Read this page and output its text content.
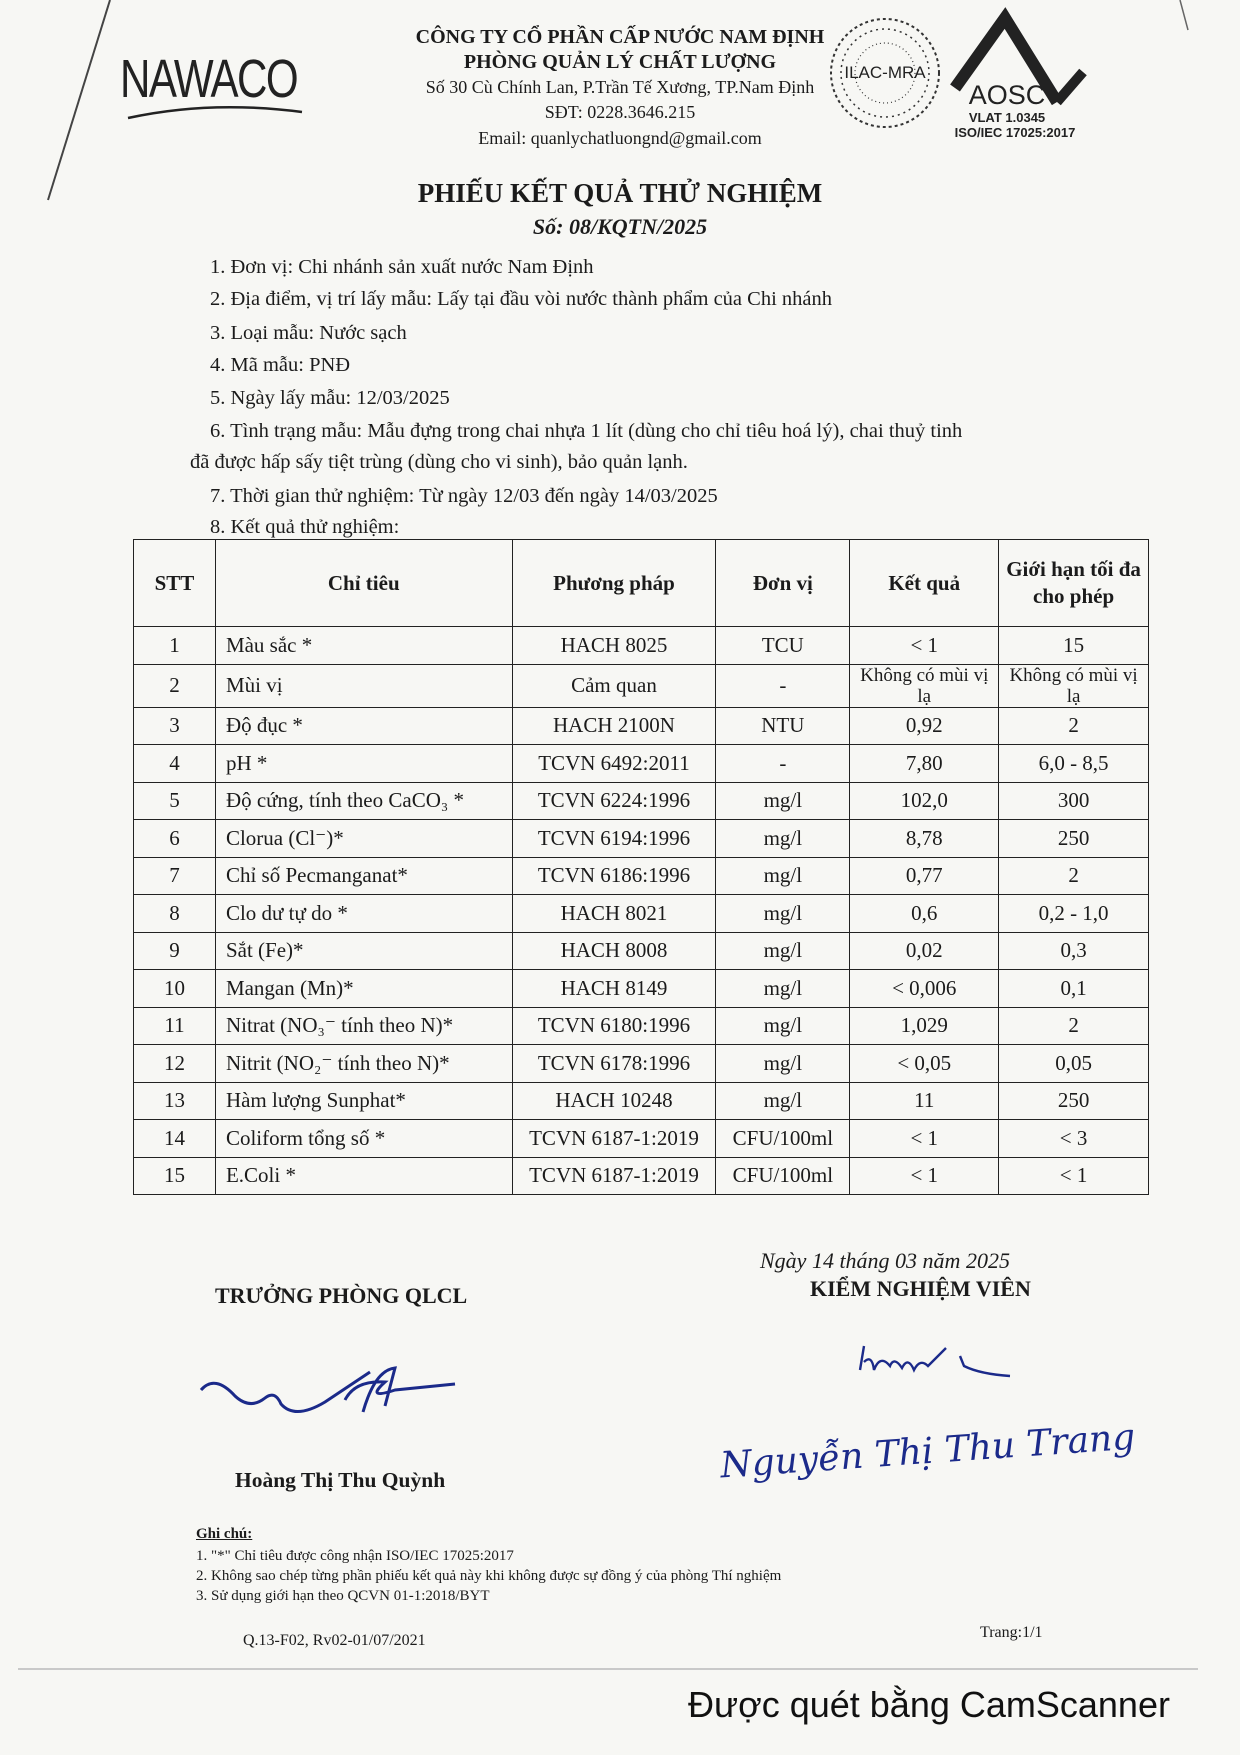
NAWACO
CÔNG TY CỔ PHẦN CẤP NƯỚC NAM ĐỊNH
PHÒNG QUẢN LÝ CHẤT LƯỢNG
Số 30 Cù Chính Lan, P.Trần Tế Xương, TP.Nam Định
SĐT: 0228.3646.215
Email: quanlychatluongnd@gmail.com
ILAC-MRA
AOSC
VLAT 1.0345
ISO/IEC 17025:2017
PHIẾU KẾT QUẢ THỬ NGHIỆM
Số: 08/KQTN/2025
1. Đơn vị: Chi nhánh sản xuất nước Nam Định
2. Địa điểm, vị trí lấy mẫu: Lấy tại đầu vòi nước thành phẩm của Chi nhánh
3. Loại mẫu: Nước sạch
4. Mã mẫu: PNĐ
5. Ngày lấy mẫu: 12/03/2025
6. Tình trạng mẫu: Mẫu đựng trong chai nhựa 1 lít (dùng cho chỉ tiêu hoá lý), chai thuỷ tinh
đã được hấp sấy tiệt trùng (dùng cho vi sinh), bảo quản lạnh.
7. Thời gian thử nghiệm: Từ ngày 12/03 đến ngày 14/03/2025
8. Kết quả thử nghiệm:
STT	Chỉ tiêu	Phương pháp	Đơn vị	Kết quả	Giới hạn tối đa cho phép
1	Màu sắc *	HACH 8025	TCU	< 1	15
2	Mùi vị	Cảm quan	-	Không có mùi vị lạ	Không có mùi vị lạ
3	Độ đục *	HACH 2100N	NTU	0,92	2
4	pH *	TCVN 6492:2011	-	7,80	6,0 - 8,5
5	Độ cứng, tính theo CaCO₃ *	TCVN 6224:1996	mg/l	102,0	300
6	Clorua (Cl⁻)*	TCVN 6194:1996	mg/l	8,78	250
7	Chỉ số Pecmanganat*	TCVN 6186:1996	mg/l	0,77	2
8	Clo dư tự do *	HACH 8021	mg/l	0,6	0,2 - 1,0
9	Sắt (Fe)*	HACH 8008	mg/l	0,02	0,3
10	Mangan (Mn)*	HACH 8149	mg/l	< 0,006	0,1
11	Nitrat (NO₃⁻ tính theo N)*	TCVN 6180:1996	mg/l	1,029	2
12	Nitrit (NO₂⁻ tính theo N)*	TCVN 6178:1996	mg/l	< 0,05	0,05
13	Hàm lượng Sunphat*	HACH 10248	mg/l	11	250
14	Coliform tổng số *	TCVN 6187-1:2019	CFU/100ml	< 1	< 3
15	E.Coli *	TCVN 6187-1:2019	CFU/100ml	< 1	< 1
Ngày 14 tháng 03 năm 2025
TRƯỞNG PHÒNG QLCL	KIỂM NGHIỆM VIÊN
Nguyễn Thị Thu Trang
Hoàng Thị Thu Quỳnh
Ghi chú:
1. "*" Chỉ tiêu được công nhận ISO/IEC 17025:2017
2. Không sao chép từng phần phiếu kết quả này khi không được sự đồng ý của phòng Thí nghiệm
3. Sử dụng giới hạn theo QCVN 01-1:2018/BYT
Q.13-F02, Rv02-01/07/2021	Trang:1/1
Được quét bằng CamScanner
